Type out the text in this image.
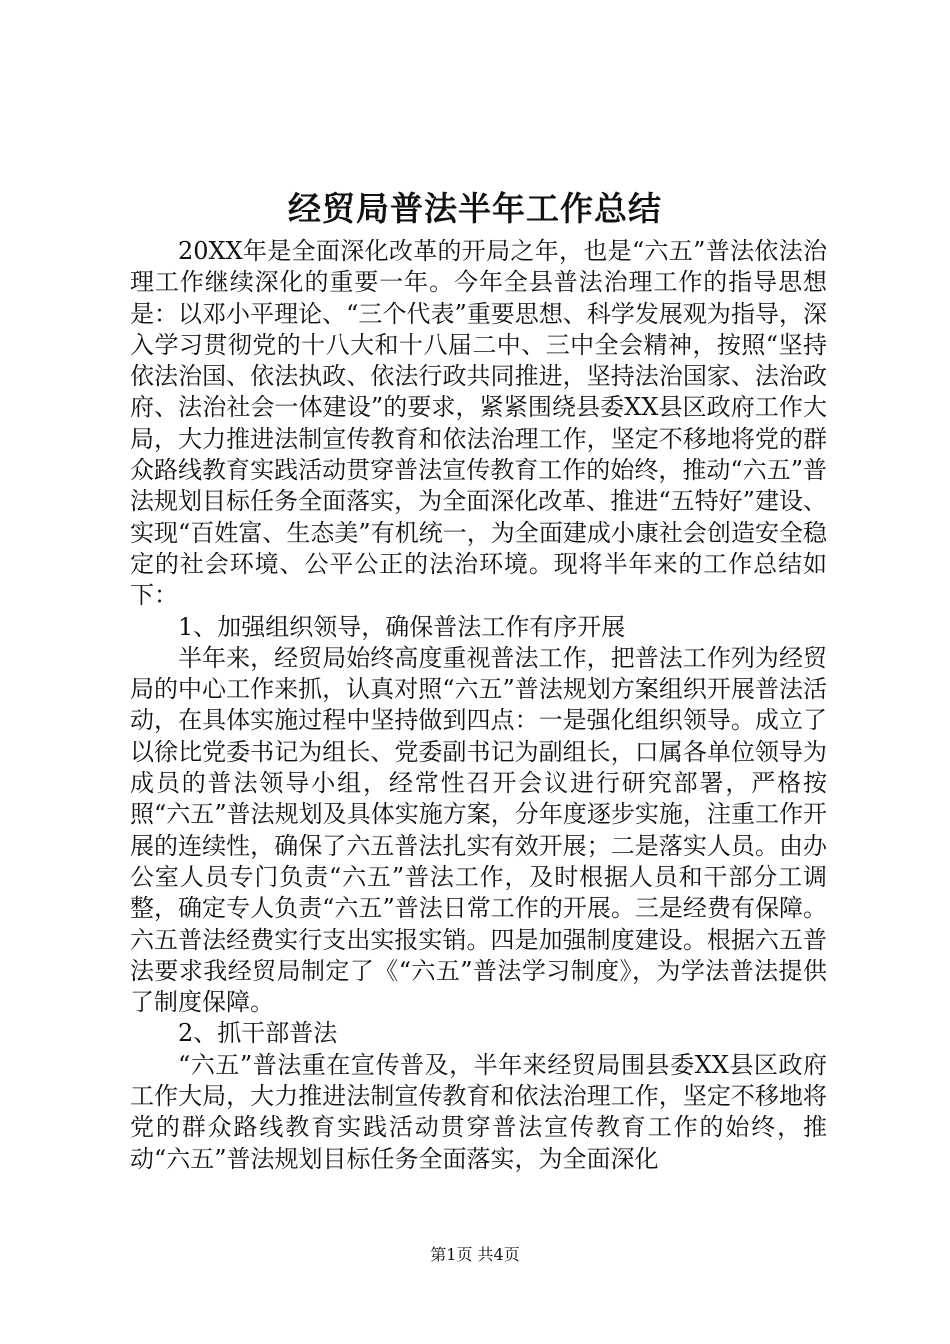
经贸局普法半年工作总结

20XX年是全面深化改革的开局之年，也是“六五”普法依法治理工作继续深化的重要一年。今年全县普法治理工作的指导思想是：以邓小平理论、“三个代表”重要思想、科学发展观为指导，深入学习贯彻党的十八大和十八届二中、三中全会精神，按照“坚持依法治国、依法执政、依法行政共同推进，坚持法治国家、法治政府、法治社会一体建设”的要求，紧紧围绕县委XX县区政府工作大局，大力推进法制宣传教育和依法治理工作，坚定不移地将党的群众路线教育实践活动贯穿普法宣传教育工作的始终，推动“六五”普法规划目标任务全面落实，为全面深化改革、推进“五特好”建设、实现“百姓富、生态美”有机统一，为全面建成小康社会创造安全稳定的社会环境、公平公正的法治环境。现将半年来的工作总结如下：

1、加强组织领导，确保普法工作有序开展

半年来，经贸局始终高度重视普法工作，把普法工作列为经贸局的中心工作来抓，认真对照“六五”普法规划方案组织开展普法活动，在具体实施过程中坚持做到四点：一是强化组织领导。成立了以徐比党委书记为组长、党委副书记为副组长，口属各单位领导为成员的普法领导小组，经常性召开会议进行研究部署，严格按照“六五”普法规划及具体实施方案，分年度逐步实施，注重工作开展的连续性，确保了六五普法扎实有效开展；二是落实人员。由办公室人员专门负责“六五”普法工作，及时根据人员和干部分工调整，确定专人负责“六五”普法日常工作的开展。三是经费有保障。六五普法经费实行支出实报实销。四是加强制度建设。根据六五普法要求我经贸局制定了《“六五”普法学习制度》，为学法普法提供了制度保障。

2、抓干部普法

“六五”普法重在宣传普及，半年来经贸局围县委XX县区政府工作大局，大力推进法制宣传教育和依法治理工作，坚定不移地将党的群众路线教育实践活动贯穿普法宣传教育工作的始终，推动“六五”普法规划目标任务全面落实，为全面深化

第1页 共4页
